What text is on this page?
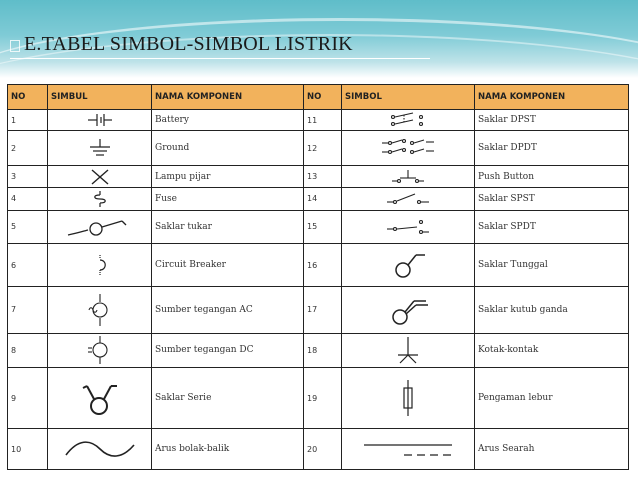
E.TABEL SIMBOL-SIMBOL LISTRIK
NO	SIMBUL	NAMA KOMPONEN	NO	SIMBOL	NAMA KOMPONEN
1		Battery	11		Saklar DPST
2		Ground	12		Saklar DPDT
3		Lampu pijar	13		Push Button
4		Fuse	14		Saklar SPST
5		Saklar tukar	15		Saklar SPDT
6		Circuit Breaker	16		Saklar Tunggal
7		Sumber tegangan AC	17		Saklar kutub ganda
8		Sumber tegangan DC	18		Kotak-kontak
9		Saklar Serie	19		Pengaman lebur
10		Arus bolak-balik	20		Arus Searah
